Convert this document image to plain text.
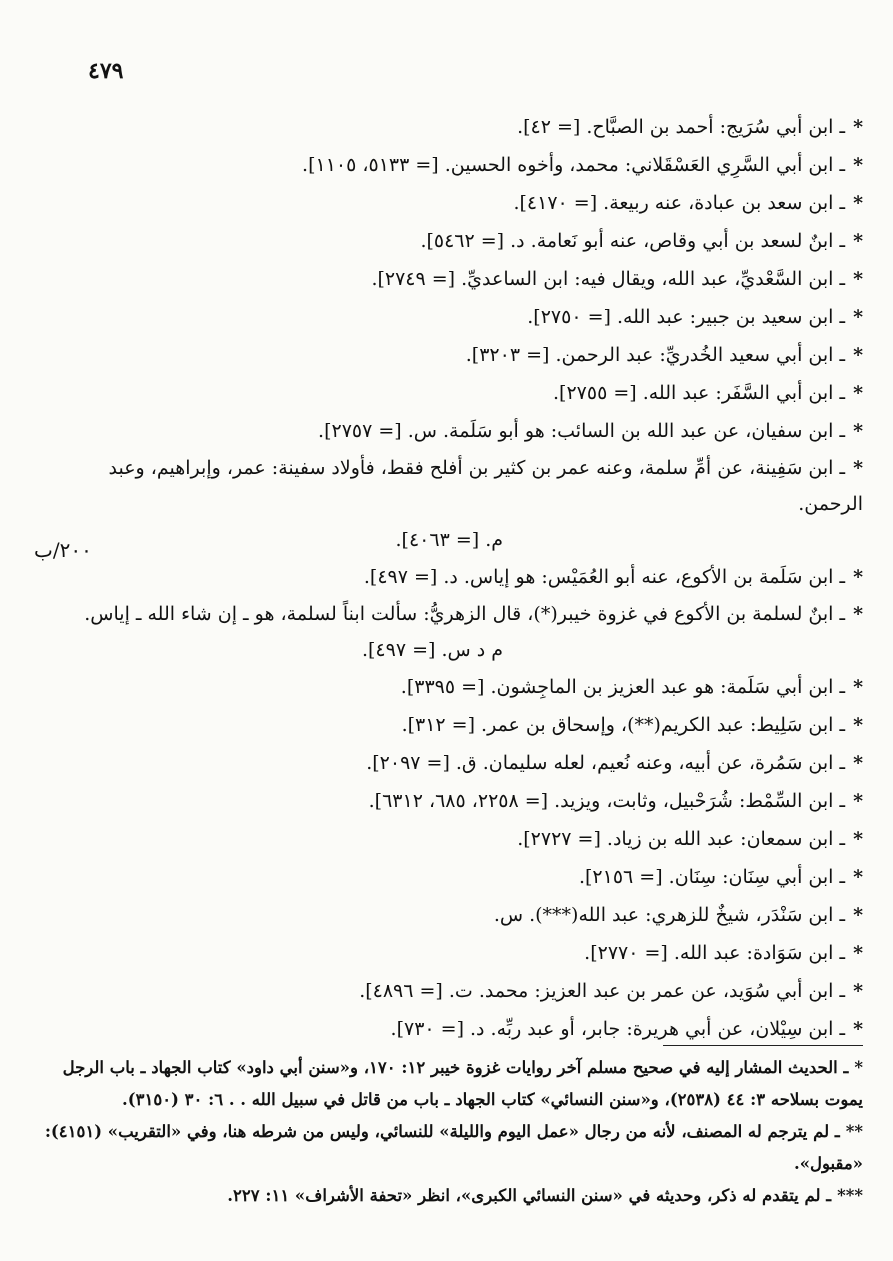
٤٧٩
٢٠٠/ب
*ـ ابن أبي سُرَيج: أحمد بن الصبَّاح. [= ٤٢].
*ـ ابن أبي السَّرِي العَسْقَلاني: محمد، وأخوه الحسين. [= ٥١٣٣، ١١٠٥].
*ـ ابن سعد بن عبادة، عنه ربيعة. [= ٤١٧٠].
*ـ ابنٌ لسعد بن أبي وقاص، عنه أبو نَعامة. د. [= ٥٤٦٢].
*ـ ابن السَّعْديِّ، عبد الله، ويقال فيه: ابن الساعديِّ. [= ٢٧٤٩].
*ـ ابن سعيد بن جبير: عبد الله. [= ٢٧٥٠].
*ـ ابن أبي سعيد الخُدريِّ: عبد الرحمن. [= ٣٢٠٣].
*ـ ابن أبي السَّفَر: عبد الله. [= ٢٧٥٥].
*ـ ابن سفيان، عن عبد الله بن السائب: هو أبو سَلَمة. س. [= ٢٧٥٧].
*ـ ابن سَفِينة، عن أمِّ سلمة، وعنه عمر بن كثير بن أفلح فقط، فأولاد سفينة: عمر، وإبراهيم، وعبد الرحمن.
م. [= ٤٠٦٣].
*ـ ابن سَلَمة بن الأكوع، عنه أبو العُمَيْس: هو إياس. د. [= ٤٩٧].
*ـ ابنٌ لسلمة بن الأكوع في غزوة خيبر(*)، قال الزهريُّ: سألت ابناً لسلمة، هو ـ إن شاء الله ـ إياس.
م د س. [= ٤٩٧].
*ـ ابن أبي سَلَمة: هو عبد العزيز بن الماجِشون. [= ٣٣٩٥].
*ـ ابن سَلِيط: عبد الكريم(**)، وإسحاق بن عمر. [= ٣١٢].
*ـ ابن سَمُرة، عن أبيه، وعنه نُعيم، لعله سليمان. ق. [= ٢٠٩٧].
*ـ ابن السِّمْط: شُرَحْبيل، وثابت، ويزيد. [= ٢٢٥٨، ٦٨٥، ٦٣١٢].
*ـ ابن سمعان: عبد الله بن زياد. [= ٢٧٢٧].
*ـ ابن أبي سِنَان: سِنَان. [= ٢١٥٦].
*ـ ابن سَنْدَر، شيخٌ للزهري: عبد الله(***). س.
*ـ ابن سَوَادة: عبد الله. [= ٢٧٧٠].
*ـ ابن أبي سُوَيد، عن عمر بن عبد العزيز: محمد. ت. [= ٤٨٩٦].
*ـ ابن سِيْلان، عن أبي هريرة: جابر، أو عبد ربِّه. د. [= ٧٣٠].
*ـ الحديث المشار إليه في صحيح مسلم آخر روايات غزوة خيبر ١٢: ١٧٠، و«سنن أبي داود» كتاب الجهاد ـ باب الرجل يموت بسلاحه ٣: ٤٤ (٢٥٣٨)، و«سنن النسائي» كتاب الجهاد ـ باب من قاتل في سبيل الله . . ٦: ٣٠ (٣١٥٠).
**ـ لم يترجم له المصنف، لأنه من رجال «عمل اليوم والليلة» للنسائي، وليس من شرطه هنا، وفي «التقريب» (٤١٥١): «مقبول».
***ـ لم يتقدم له ذكر، وحديثه في «سنن النسائي الكبرى»، انظر «تحفة الأشراف» ١١: ٢٢٧.
